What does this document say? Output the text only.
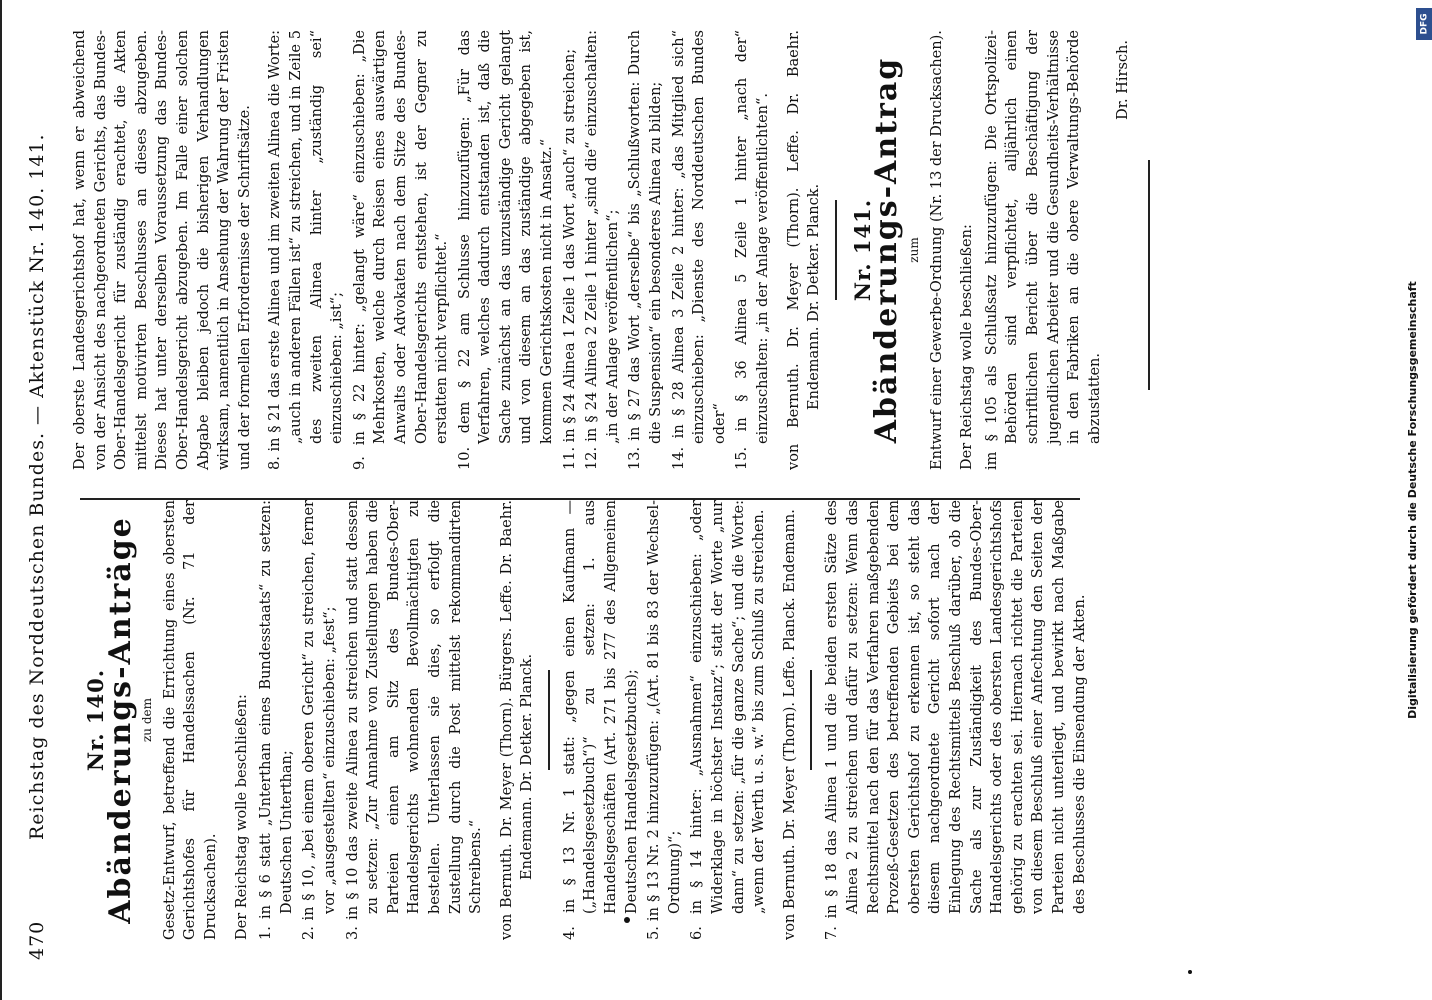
470
Reichstag des Norddeutschen Bundes. — Aktenstück Nr. 140. 141. Nr. 140.
Abänderungs-Anträge zu dem Gesetz-Entwurf, betreffend die Errichtung eines obersten Gerichtshofes für Handelssachen (Nr. 71 der Drucksachen). Der Reichstag wolle beschließen: 1. in § 6 statt „Unterthan eines Bundesstaats“ zu setzen: Deutschen Unterthan; 2. in § 10, „bei einem oberen Gericht“ zu streichen, ferner vor „ausgestellten“ einzuschieben: „fest“; 3. in § 10 das zweite Alinea zu streichen und statt dessen zu setzen: „Zur Annahme von Zustellungen haben die Parteien einen am Sitz des Bundes-Ober-Handelsgerichts wohnenden Bevollmächtigten zu bestellen. Unterlassen sie dies, so erfolgt die Zustellung durch die Post mittelst rekommandirten Schreibens.“ von Bernuth. Dr. Meyer (Thorn). Bürgers. Leffe. Dr. Baehr. Endemann. Dr. Detker. Planck. 4. in § 13 Nr. 1 statt: „gegen einen Kaufmann — („Handelsgesetzbuch“)“ zu setzen: 1. aus Handelsgeschäften (Art. 271 bis 277 des Allgemeinen Deutschen Handelsgesetzbuchs); 5. in § 13 Nr. 2 hinzuzufügen: „(Art. 81 bis 83 der Wechsel-Ordnung)“; 6. in § 14 hinter: „Ausnahmen“ einzuschieben: „oder Widerklage in höchster Instanz“; statt der Worte „nur dann“ zu setzen: „für die ganze Sache“; und die Worte: „wenn der Werth u. s. w.“ bis zum Schluß zu streichen. von Bernuth. Dr. Meyer (Thorn). Leffe. Planck. Endemann. 7. in § 18 das Alinea 1 und die beiden ersten Sätze des Alinea 2 zu streichen und dafür zu setzen: Wenn das Rechtsmittel nach den für das Verfahren maßgebenden Prozeß-Gesetzen des betreffenden Gebiets bei dem obersten Gerichtshof zu erkennen ist, so steht das diesem nachgeordnete Gericht sofort nach der Einlegung des Rechtsmittels Beschluß darüber, ob die Sache als zur Zuständigkeit des Bundes-Ober-Handelsgerichts oder des obersten Landesgerichtshofs gehörig zu erachten sei. Hiernach richtet die Parteien von diesem Beschluß einer Anfechtung den Seiten der Parteien nicht unterliegt, und bewirkt nach Maßgabe des Beschlusses die Einsendung der Akten.
Der oberste Landesgerichtshof hat, wenn er abweichend von der Ansicht des nachgeordneten Gerichts, das Bundes-Ober-Handelsgericht für zuständig erachtet, die Akten mittelst motivirten Beschlusses an dieses abzugeben. Dieses hat unter derselben Voraussetzung das Bundes-Ober-Handelsgericht abzugeben. Im Falle einer solchen Abgabe bleiben jedoch die bisherigen Verhandlungen wirksam, namentlich in Ansehung der Wahrung der Fristen und der formellen Erfordernisse der Schriftsätze. 8. in § 21 das erste Alinea und im zweiten Alinea die Worte: „auch in anderen Fällen ist“ zu streichen, und in Zeile 5 des zweiten Alinea hinter „zuständig sei“ einzuschieben: „ist“; 9. in § 22 hinter: „gelangt wäre“ einzuschieben: „Die Mehrkosten, welche durch Reisen eines auswärtigen Anwalts oder Advokaten nach dem Sitze des Bundes-Ober-Handelsgerichts entstehen, ist der Gegner zu erstatten nicht verpflichtet.“ 10. dem § 22 am Schlusse hinzuzufügen: „Für das Verfahren, welches dadurch entstanden ist, daß die Sache zunächst an das unzuständige Gericht gelangt und von diesem an das zuständige abgegeben ist, kommen Gerichtskosten nicht in Ansatz.“ 11. in § 24 Alinea 1 Zeile 1 das Wort „auch“ zu streichen; 12. in § 24 Alinea 2 Zeile 1 hinter „sind die“ einzuschalten: „in der Anlage veröffentlichen“; 13. in § 27 das Wort „derselbe“ bis „Schlußworten: Durch die Suspension“ ein besonderes Alinea zu bilden; 14. in § 28 Alinea 3 Zeile 2 hinter: „das Mitglied sich“ einzuschieben: „Dienste des Norddeutschen Bundes oder“ 15. in § 36 Alinea 5 Zeile 1 hinter „nach der“ einzuschalten: „in der Anlage veröffentlichten“. von Bernuth. Dr. Meyer (Thorn). Leffe. Dr. Baehr. Endemann. Dr. Detker. Planck. Nr. 141.
Abänderungs-Antrag zum Entwurf einer Gewerbe-Ordnung (Nr. 13 der Drucksachen). Der Reichstag wolle beschließen: im § 105 als Schlußsatz hinzuzufügen: Die Ortspolizei-Behörden sind verpflichtet, alljährlich einen schriftlichen Bericht über die Beschäftigung der jugendlichen Arbeiter und die Gesundheits-Verhältnisse in den Fabriken an die obere Verwaltungs-Behörde abzustatten.
Dr. Hirsch.
DFG
Digitalisierung gefördert durch die Deutsche Forschungsgemeinschaft
